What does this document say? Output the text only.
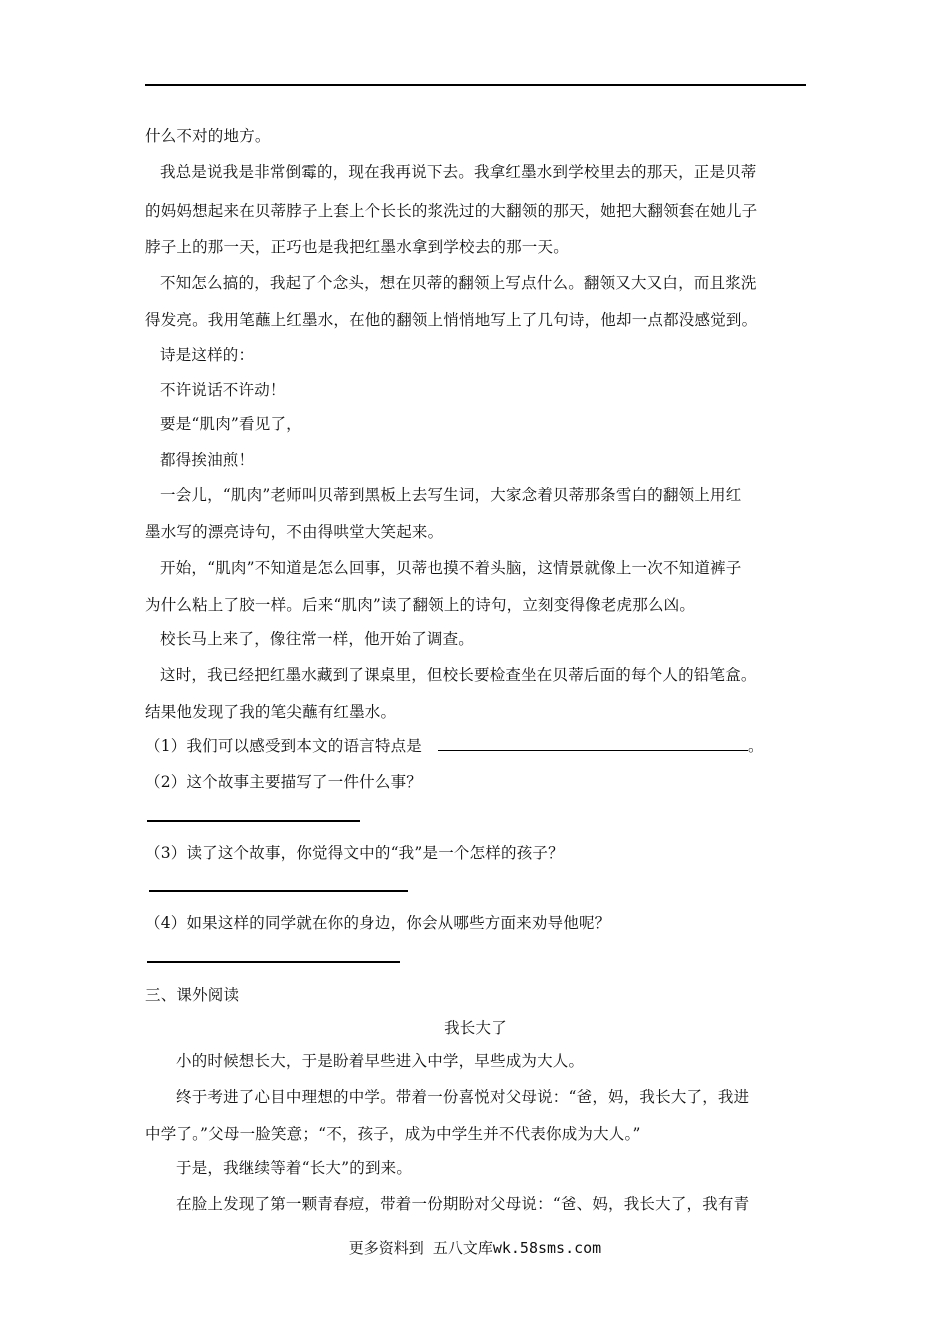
什么不对的地方。
我总是说我是非常倒霉的，现在我再说下去。我拿红墨水到学校里去的那天，正是贝蒂
的妈妈想起来在贝蒂脖子上套上个长长的浆洗过的大翻领的那天，她把大翻领套在她儿子
脖子上的那一天，正巧也是我把红墨水拿到学校去的那一天。
不知怎么搞的，我起了个念头，想在贝蒂的翻领上写点什么。翻领又大又白，而且浆洗
得发亮。我用笔蘸上红墨水，在他的翻领上悄悄地写上了几句诗，他却一点都没感觉到。
诗是这样的：
不许说话不许动！
要是“肌肉”看见了，
都得挨油煎！
一会儿，“肌肉”老师叫贝蒂到黑板上去写生词，大家念着贝蒂那条雪白的翻领上用红
墨水写的漂亮诗句，不由得哄堂大笑起来。
开始，“肌肉”不知道是怎么回事，贝蒂也摸不着头脑，这情景就像上一次不知道裤子
为什么粘上了胶一样。后来“肌肉”读了翻领上的诗句，立刻变得像老虎那么凶。
校长马上来了，像往常一样，他开始了调查。
这时，我已经把红墨水藏到了课桌里，但校长要检查坐在贝蒂后面的每个人的铅笔盒。
结果他发现了我的笔尖蘸有红墨水。
（1）我们可以感受到本文的语言特点是	。
（2）这个故事主要描写了一件什么事？
（3）读了这个故事，你觉得文中的“我”是一个怎样的孩子？
（4）如果这样的同学就在你的身边，你会从哪些方面来劝导他呢？
三、课外阅读
我长大了
小的时候想长大，于是盼着早些进入中学，早些成为大人。
终于考进了心目中理想的中学。带着一份喜悦对父母说：“爸，妈，我长大了，我进
中学了。”父母一脸笑意；“不，孩子，成为中学生并不代表你成为大人。”
于是，我继续等着“长大”的到来。
在脸上发现了第一颗青春痘，带着一份期盼对父母说：“爸、妈，我长大了，我有青
更多资料到 五八文库wk.58sms.com
